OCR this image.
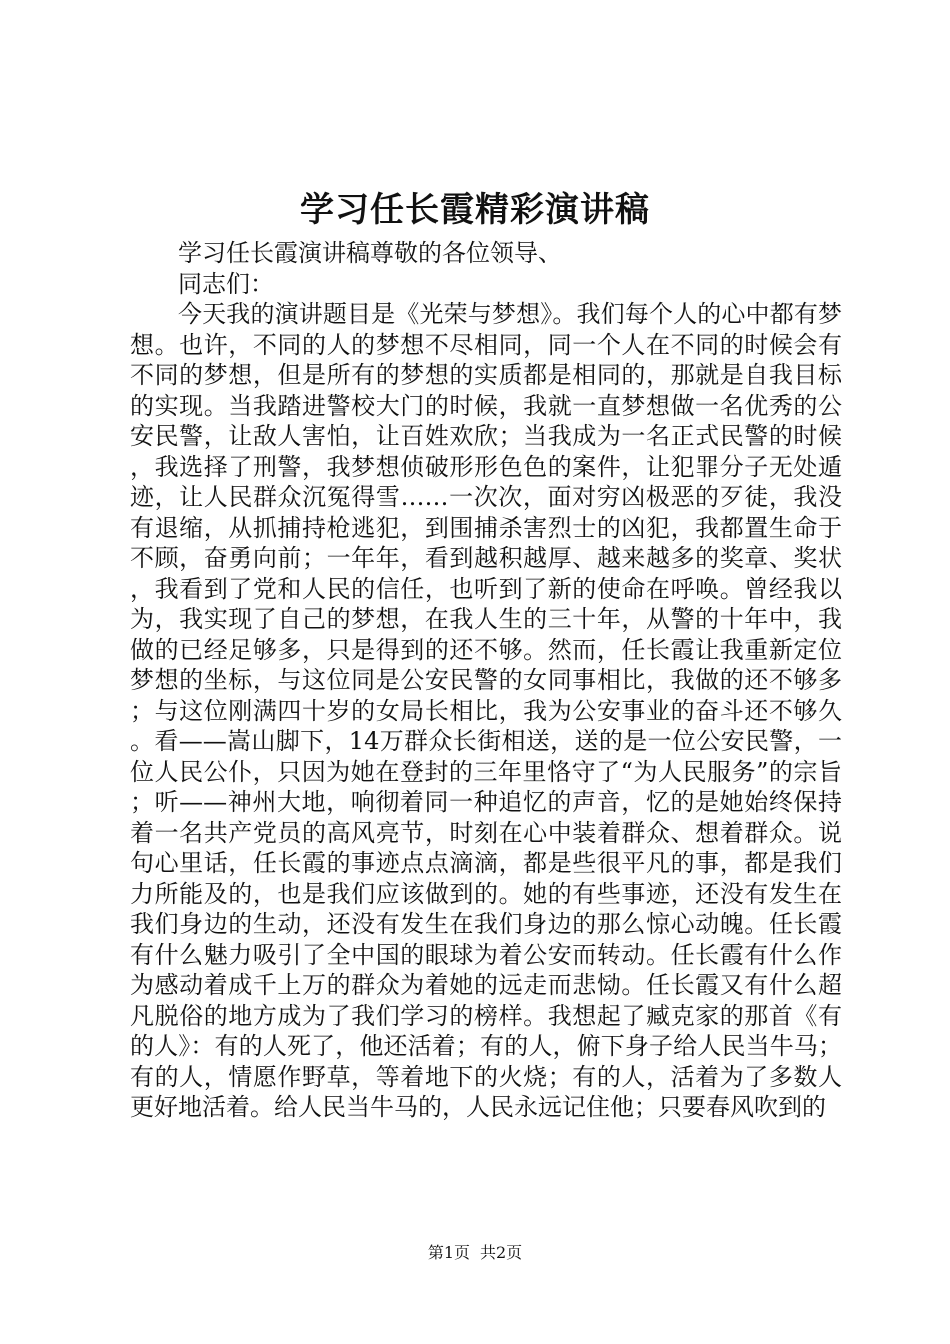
学习任长霞精彩演讲稿

学习任长霞演讲稿尊敬的各位领导、

同志们：

今天我的演讲题目是《光荣与梦想》。我们每个人的心中都有梦想。也许，不同的人的梦想不尽相同，同一个人在不同的时候会有不同的梦想，但是所有的梦想的实质都是相同的，那就是自我目标的实现。当我踏进警校大门的时候，我就一直梦想做一名优秀的公安民警，让敌人害怕，让百姓欢欣；当我成为一名正式民警的时候，我选择了刑警，我梦想侦破形形色色的案件，让犯罪分子无处遁迹，让人民群众沉冤得雪……一次次，面对穷凶极恶的歹徒，我没有退缩，从抓捕持枪逃犯，到围捕杀害烈士的凶犯，我都置生命于不顾，奋勇向前；一年年，看到越积越厚、越来越多的奖章、奖状，我看到了党和人民的信任，也听到了新的使命在呼唤。曾经我以为，我实现了自己的梦想，在我人生的三十年，从警的十年中，我做的已经足够多，只是得到的还不够。然而，任长霞让我重新定位梦想的坐标，与这位同是公安民警的女同事相比，我做的还不够多；与这位刚满四十岁的女局长相比，我为公安事业的奋斗还不够久。看——嵩山脚下，14万群众长街相送，送的是一位公安民警，一位人民公仆，只因为她在登封的三年里恪守了“为人民服务”的宗旨；听——神州大地，响彻着同一种追忆的声音，忆的是她始终保持着一名共产党员的高风亮节，时刻在心中装着群众、想着群众。说句心里话，任长霞的事迹点点滴滴，都是些很平凡的事，都是我们力所能及的，也是我们应该做到的。她的有些事迹，还没有发生在我们身边的生动，还没有发生在我们身边的那么惊心动魄。任长霞有什么魅力吸引了全中国的眼球为着公安而转动。任长霞有什么作为感动着成千上万的群众为着她的远走而悲恸。任长霞又有什么超凡脱俗的地方成为了我们学习的榜样。我想起了臧克家的那首《有的人》：有的人死了，他还活着；有的人，俯下身子给人民当牛马；有的人，情愿作野草，等着地下的火烧；有的人，活着为了多数人更好地活着。给人民当牛马的，人民永远记住他；只要春风吹到的

第1页 共2页
